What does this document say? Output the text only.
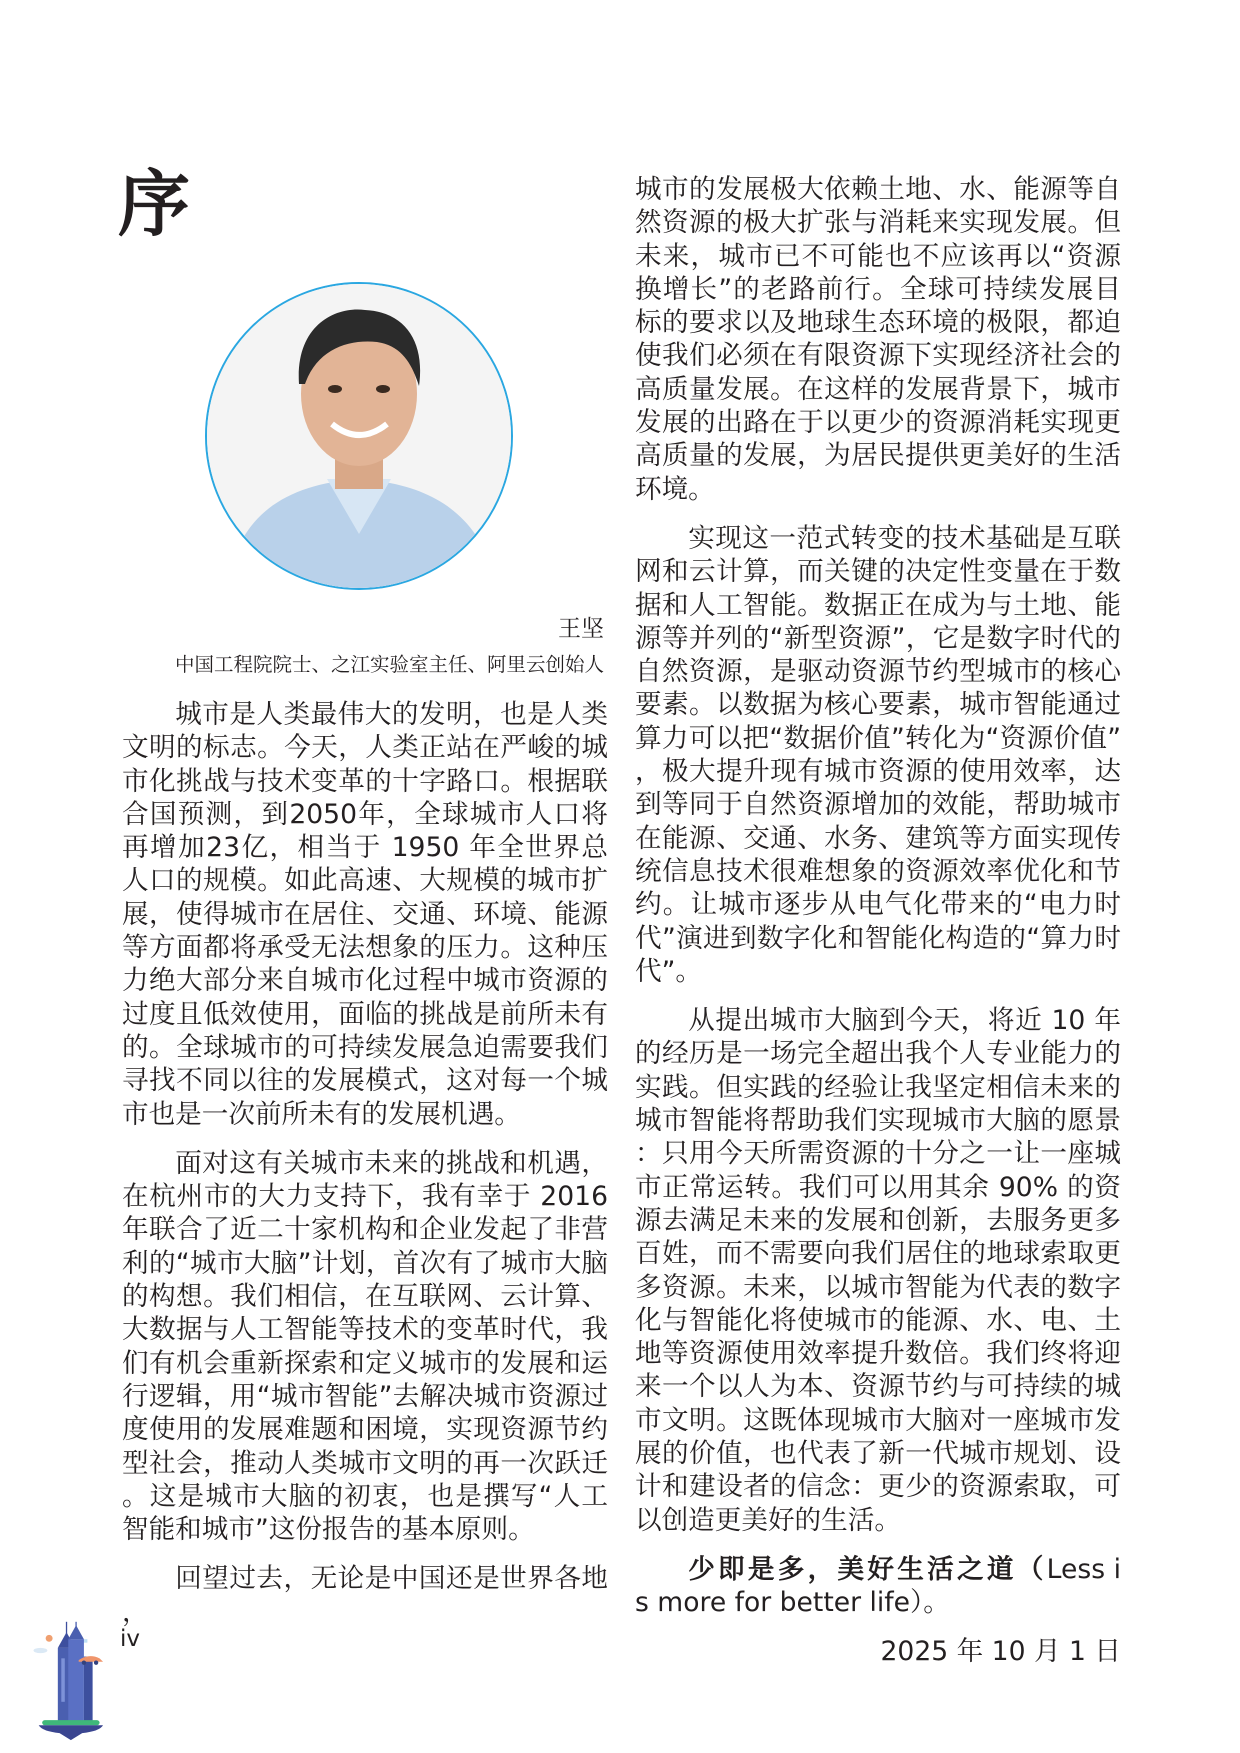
序
王坚
中国工程院院士、之江实验室主任、阿里云创始人

城市是人类最伟大的发明，也是人类文明的标志。今天，人类正站在严峻的城市化挑战与技术变革的十字路口。根据联合国预测，到2050年，全球城市人口将再增加23亿，相当于 1950 年全世界总人口的规模。如此高速、大规模的城市扩展，使得城市在居住、交通、环境、能源等方面都将承受无法想象的压力。这种压力绝大部分来自城市化过程中城市资源的过度且低效使用，面临的挑战是前所未有的。全球城市的可持续发展急迫需要我们寻找不同以往的发展模式，这对每一个城市也是一次前所未有的发展机遇。

面对这有关城市未来的挑战和机遇，在杭州市的大力支持下，我有幸于 2016 年联合了近二十家机构和企业发起了非营利的“城市大脑”计划，首次有了城市大脑的构想。我们相信，在互联网、云计算、大数据与人工智能等技术的变革时代，我们有机会重新探索和定义城市的发展和运行逻辑，用“城市智能”去解决城市资源过度使用的发展难题和困境，实现资源节约型社会，推动人类城市文明的再一次跃迁。这是城市大脑的初衷，也是撰写“人工智能和城市”这份报告的基本原则。

回望过去，无论是中国还是世界各地，

城市的发展极大依赖土地、水、能源等自然资源的极大扩张与消耗来实现发展。但未来，城市已不可能也不应该再以“资源换增长”的老路前行。全球可持续发展目标的要求以及地球生态环境的极限，都迫使我们必须在有限资源下实现经济社会的高质量发展。在这样的发展背景下，城市发展的出路在于以更少的资源消耗实现更高质量的发展，为居民提供更美好的生活环境。

实现这一范式转变的技术基础是互联网和云计算，而关键的决定性变量在于数据和人工智能。数据正在成为与土地、能源等并列的“新型资源”，它是数字时代的自然资源，是驱动资源节约型城市的核心要素。以数据为核心要素，城市智能通过算力可以把“数据价值”转化为“资源价值”，极大提升现有城市资源的使用效率，达到等同于自然资源增加的效能，帮助城市在能源、交通、水务、建筑等方面实现传统信息技术很难想象的资源效率优化和节约。让城市逐步从电气化带来的“电力时代”演进到数字化和智能化构造的“算力时代”。

从提出城市大脑到今天，将近 10 年的经历是一场完全超出我个人专业能力的实践。但实践的经验让我坚定相信未来的城市智能将帮助我们实现城市大脑的愿景：只用今天所需资源的十分之一让一座城市正常运转。我们可以用其余 90% 的资源去满足未来的发展和创新，去服务更多百姓，而不需要向我们居住的地球索取更多资源。未来，以城市智能为代表的数字化与智能化将使城市的能源、水、电、土地等资源使用效率提升数倍。我们终将迎来一个以人为本、资源节约与可持续的城市文明。这既体现城市大脑对一座城市发展的价值，也代表了新一代城市规划、设计和建设者的信念：更少的资源索取，可以创造更美好的生活。

少即是多，美好生活之道（Less is more for better life）。

2025 年 10 月 1 日

iv
